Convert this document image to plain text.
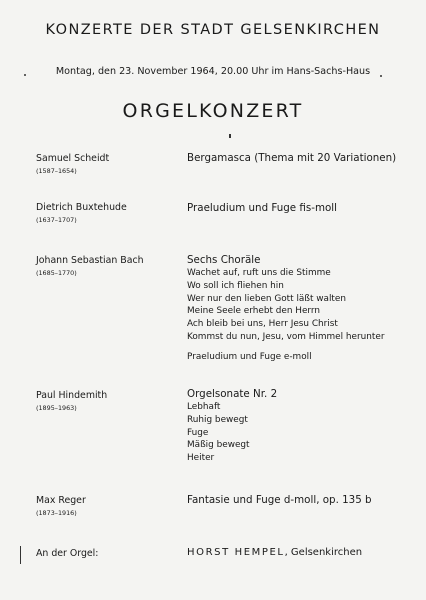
KONZERTE DER STADT GELSENKIRCHEN
Montag, den 23. November 1964, 20.00 Uhr im Hans-Sachs-Haus
ORGELKONZERT
Samuel Scheidt
(1587–1654)
Bergamasca (Thema mit 20 Variationen)
Dietrich Buxtehude
(1637–1707)
Praeludium und Fuge fis-moll
Johann Sebastian Bach
(1685–1770)
Sechs Choräle
Wachet auf, ruft uns die Stimme
Wo soll ich fliehen hin
Wer nur den lieben Gott läßt walten
Meine Seele erhebt den Herrn
Ach bleib bei uns, Herr Jesu Christ
Kommst du nun, Jesu, vom Himmel herunter
Praeludium und Fuge e-moll
Paul Hindemith
(1895–1963)
Orgelsonate Nr. 2
Lebhaft
Ruhig bewegt
Fuge
Mäßig bewegt
Heiter
Max Reger
(1873–1916)
Fantasie und Fuge d-moll, op. 135 b
An der Orgel:	HORST HEMPEL, Gelsenkirchen
